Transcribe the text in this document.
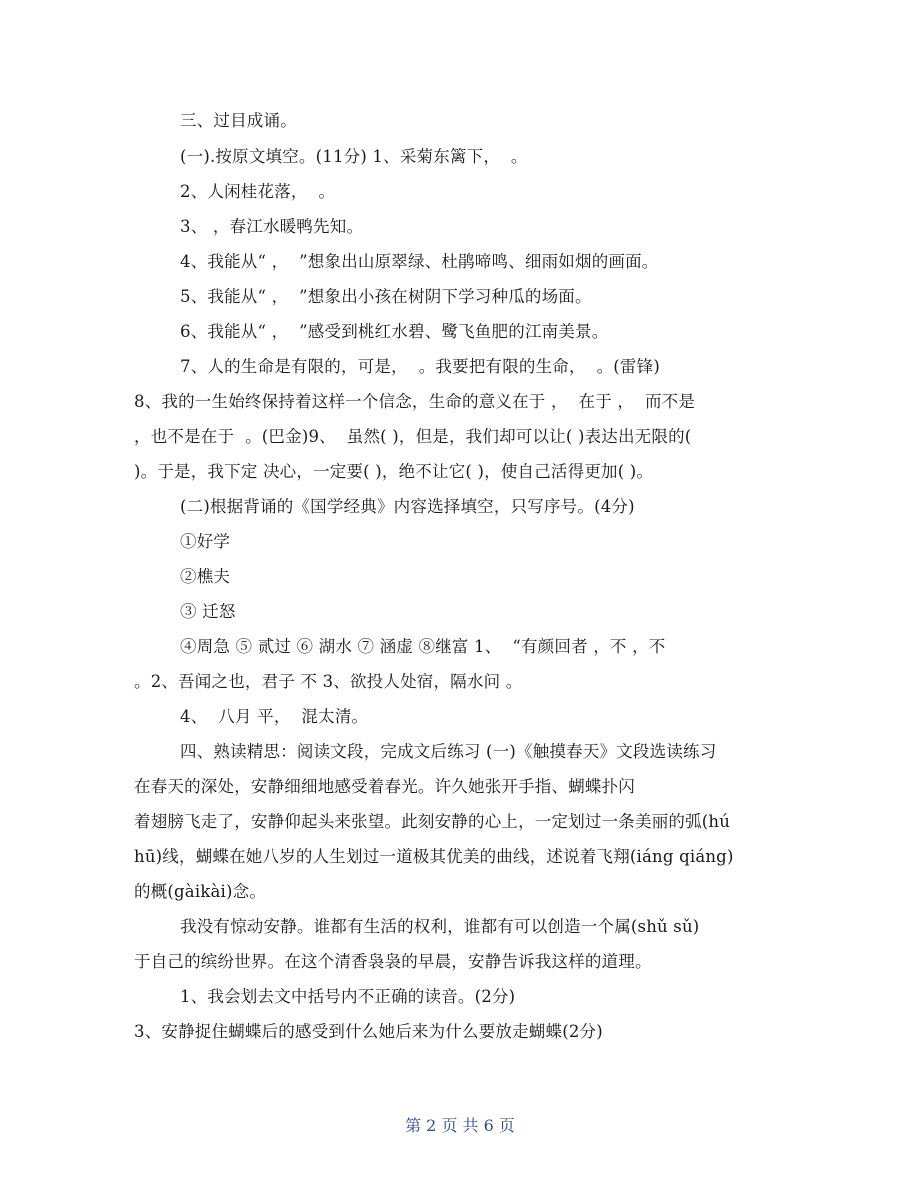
三、过目成诵。
(一).按原文填空。(11分) 1、采菊东篱下，  。
2、人闲桂花落，  。
3、 ，春江水暖鸭先知。
4、我能从“ ，  ”想象出山原翠绿、杜鹃啼鸣、细雨如烟的画面。
5、我能从“ ，  ”想象出小孩在树阴下学习种瓜的场面。
6、我能从“ ，  ”感受到桃红水碧、鹭飞鱼肥的江南美景。
7、人的生命是有限的，可是，  。我要把有限的生命，  。(雷锋)
8、我的一生始终保持着这样一个信念，生命的意义在于 ，  在于 ，  而不是
，也不是在于  。(巴金)9、  虽然( )，但是，我们却可以让( )表达出无限的(
)。于是，我下定 决心，一定要( )，绝不让它( )，使自己活得更加( )。
(二)根据背诵的《国学经典》内容选择填空，只写序号。(4分)
①好学
②樵夫
③ 迁怒
④周急 ⑤ 贰过 ⑥ 湖水 ⑦ 涵虚 ⑧继富 1、  “有颜回者 ，不 ，不
。2、吾闻之也，君子 不 3、欲投人处宿，隔水问 。
4、  八月 平，  混太清。
四、熟读精思：阅读文段，完成文后练习 (一)《触摸春天》文段选读练习
在春天的深处，安静细细地感受着春光。许久她张开手指、蝴蝶扑闪
着翅膀飞走了，安静仰起头来张望。此刻安静的心上，一定划过一条美丽的弧(hú
hū)线，蝴蝶在她八岁的人生划过一道极其优美的曲线，述说着飞翔(iáng qiáng)
的概(gàikài)念。
我没有惊动安静。谁都有生活的权利，谁都有可以创造一个属(shǔ sǔ)
于自己的缤纷世界。在这个清香袅袅的早晨，安静告诉我这样的道理。
1、我会划去文中括号内不正确的读音。(2分)
3、安静捉住蝴蝶后的感受到什么她后来为什么要放走蝴蝶(2分)
第 2 页 共 6 页
